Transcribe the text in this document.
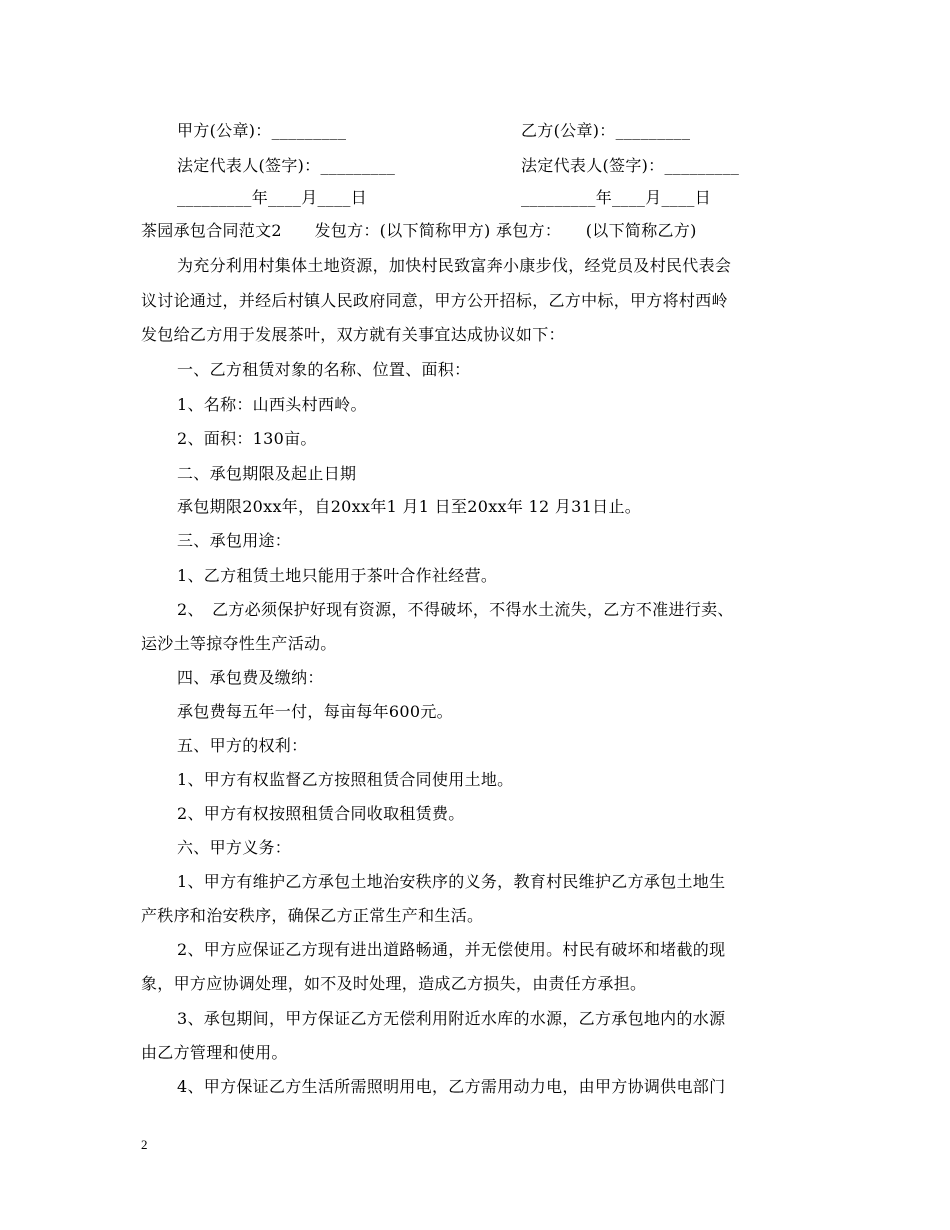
甲方(公章)：_________	乙方(公章)：_________
法定代表人(签字)：_________	法定代表人(签字)：_________
_________年____月____日	_________年____月____日
茶园承包合同范文2　　发包方：(以下简称甲方) 承包方：　　(以下简称乙方)
为充分利用村集体土地资源，加快村民致富奔小康步伐，经党员及村民代表会
议讨论通过，并经后村镇人民政府同意，甲方公开招标，乙方中标，甲方将村西岭
发包给乙方用于发展茶叶，双方就有关事宜达成协议如下：
一、乙方租赁对象的名称、位置、面积：
1、名称：山西头村西岭。
2、面积：130亩。
二、承包期限及起止日期
承包期限20xx年，自20xx年1 月1 日至20xx年 12 月31日止。
三、承包用途：
1、乙方租赁土地只能用于茶叶合作社经营。
2、　乙方必须保护好现有资源，不得破坏，不得水土流失，乙方不准进行卖、
运沙土等掠夺性生产活动。
四、承包费及缴纳：
承包费每五年一付，每亩每年600元。
五、甲方的权利：
1、甲方有权监督乙方按照租赁合同使用土地。
2、甲方有权按照租赁合同收取租赁费。
六、甲方义务：
1、甲方有维护乙方承包土地治安秩序的义务，教育村民维护乙方承包土地生
产秩序和治安秩序，确保乙方正常生产和生活。
2、甲方应保证乙方现有进出道路畅通，并无偿使用。村民有破坏和堵截的现
象，甲方应协调处理，如不及时处理，造成乙方损失，由责任方承担。
3、承包期间，甲方保证乙方无偿利用附近水库的水源，乙方承包地内的水源
由乙方管理和使用。
4、甲方保证乙方生活所需照明用电，乙方需用动力电，由甲方协调供电部门
2
